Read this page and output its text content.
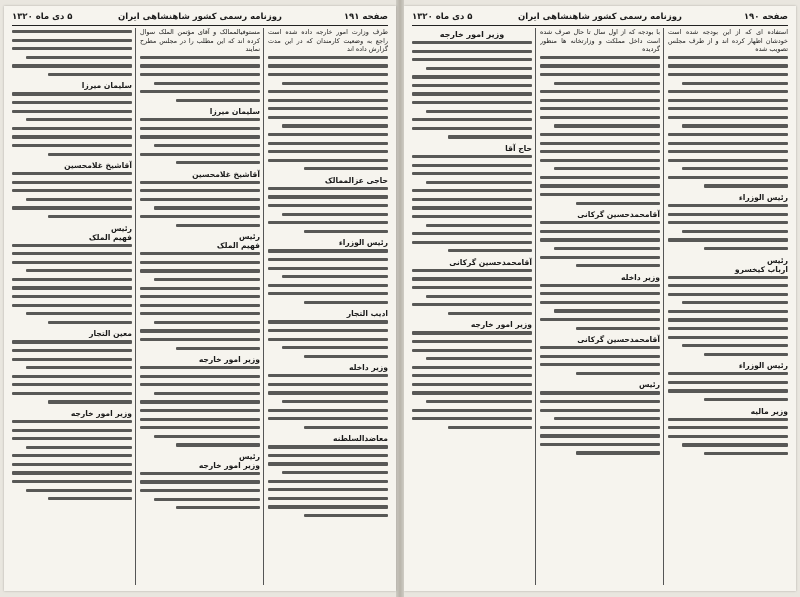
صفحه ۱۹۰
روزنامه رسمی کشور شاهنشاهی ایران
۵ ‌دی ‌ماه ۱۳۲۰
استفاده ای که از این بودجه شده است خودشان اظهار کرده اند و از طرف مجلس تصویب شده
رئیس الوزراء
رئیس
ارباب کیخسرو
رئیس الوزراء
وزیر مالیه
با بودجه که از اول سال تا حال صرف شده است داخل مملکت و وزارتخانه ها منظور گردیده
آقامحمدحسین گرکانی
وزیر داخله
آقامحمدحسین گرکانی
رئیس
وزیر امور خارجه
حاج آقا
آقامحمدحسین گرکانی
وزیر امور خارجه
صفحه ۱۹۱
روزنامه رسمی کشور شاهنشاهی ایران
۵ ‌دی ‌ماه ۱۳۲۰
طرف وزارت امور خارجه داده شده است راجع به وضعیت کارمندان که در این مدت گزارش داده اند
حاجی عزالممالک
رئیس الوزراء
ادیب التجار
وزیر داخله
معاضدالسلطنه
مستوفیالممالک و آقای مؤتمن الملک سوال کرده اند که این مطلب را در مجلس مطرح نمایند
سلیمان میرزا
آقاشیخ غلامحسین
رئیس
فهیم الملک
وزیر امور خارجه
رئیس
وزیر امور خارجه
سلیمان میرزا
آقاشیخ غلامحسین
رئیس
فهیم الملک
معین التجار
وزیر امور خارجه
